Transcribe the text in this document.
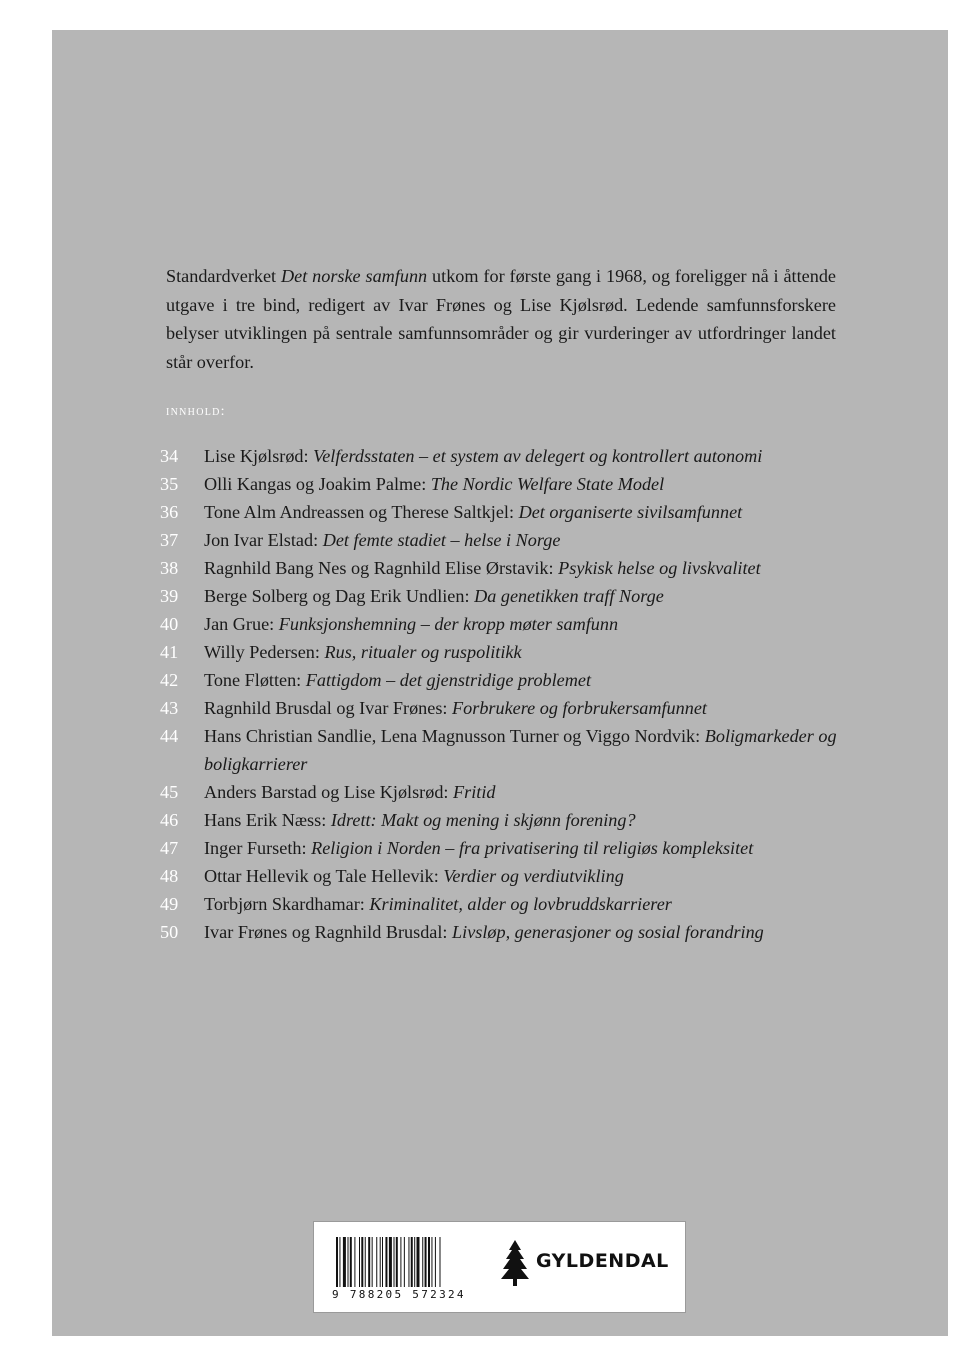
Standardverket Det norske samfunn utkom for første gang i 1968, og foreligger nå i åttende utgave i tre bind, redigert av Ivar Frønes og Lise Kjølsrød. Ledende samfunnsforskere belyser utviklingen på sentrale samfunnsområder og gir vurderinger av utfordringer landet står overfor.

innhold:
34	Lise Kjølsrød: Velferdsstaten – et system av delegert og kontrollert autonomi
35	Olli Kangas og Joakim Palme: The Nordic Welfare State Model
36	Tone Alm Andreassen og Therese Saltkjel: Det organiserte sivilsamfunnet
37	Jon Ivar Elstad: Det femte stadiet – helse i Norge
38	Ragnhild Bang Nes og Ragnhild Elise Ørstavik: Psykisk helse og livskvalitet
39	Berge Solberg og Dag Erik Undlien: Da genetikken traff Norge
40	Jan Grue: Funksjonshemning – der kropp møter samfunn
41	Willy Pedersen: Rus, ritualer og ruspolitikk
42	Tone Fløtten: Fattigdom – det gjenstridige problemet
43	Ragnhild Brusdal og Ivar Frønes: Forbrukere og forbrukersamfunnet
44	Hans Christian Sandlie, Lena Magnusson Turner og Viggo Nordvik: Boligmarkeder og boligkarrierer
45	Anders Barstad og Lise Kjølsrød: Fritid
46	Hans Erik Næss: Idrett: Makt og mening i skjønn forening?
47	Inger Furseth: Religion i Norden – fra privatisering til religiøs kompleksitet
48	Ottar Hellevik og Tale Hellevik: Verdier og verdiutvikling
49	Torbjørn Skardhamar: Kriminalitet, alder og lovbruddskarrierer
50	Ivar Frønes og Ragnhild Brusdal: Livsløp, generasjoner og sosial forandring
9 788205 572324
GYLDENDAL
